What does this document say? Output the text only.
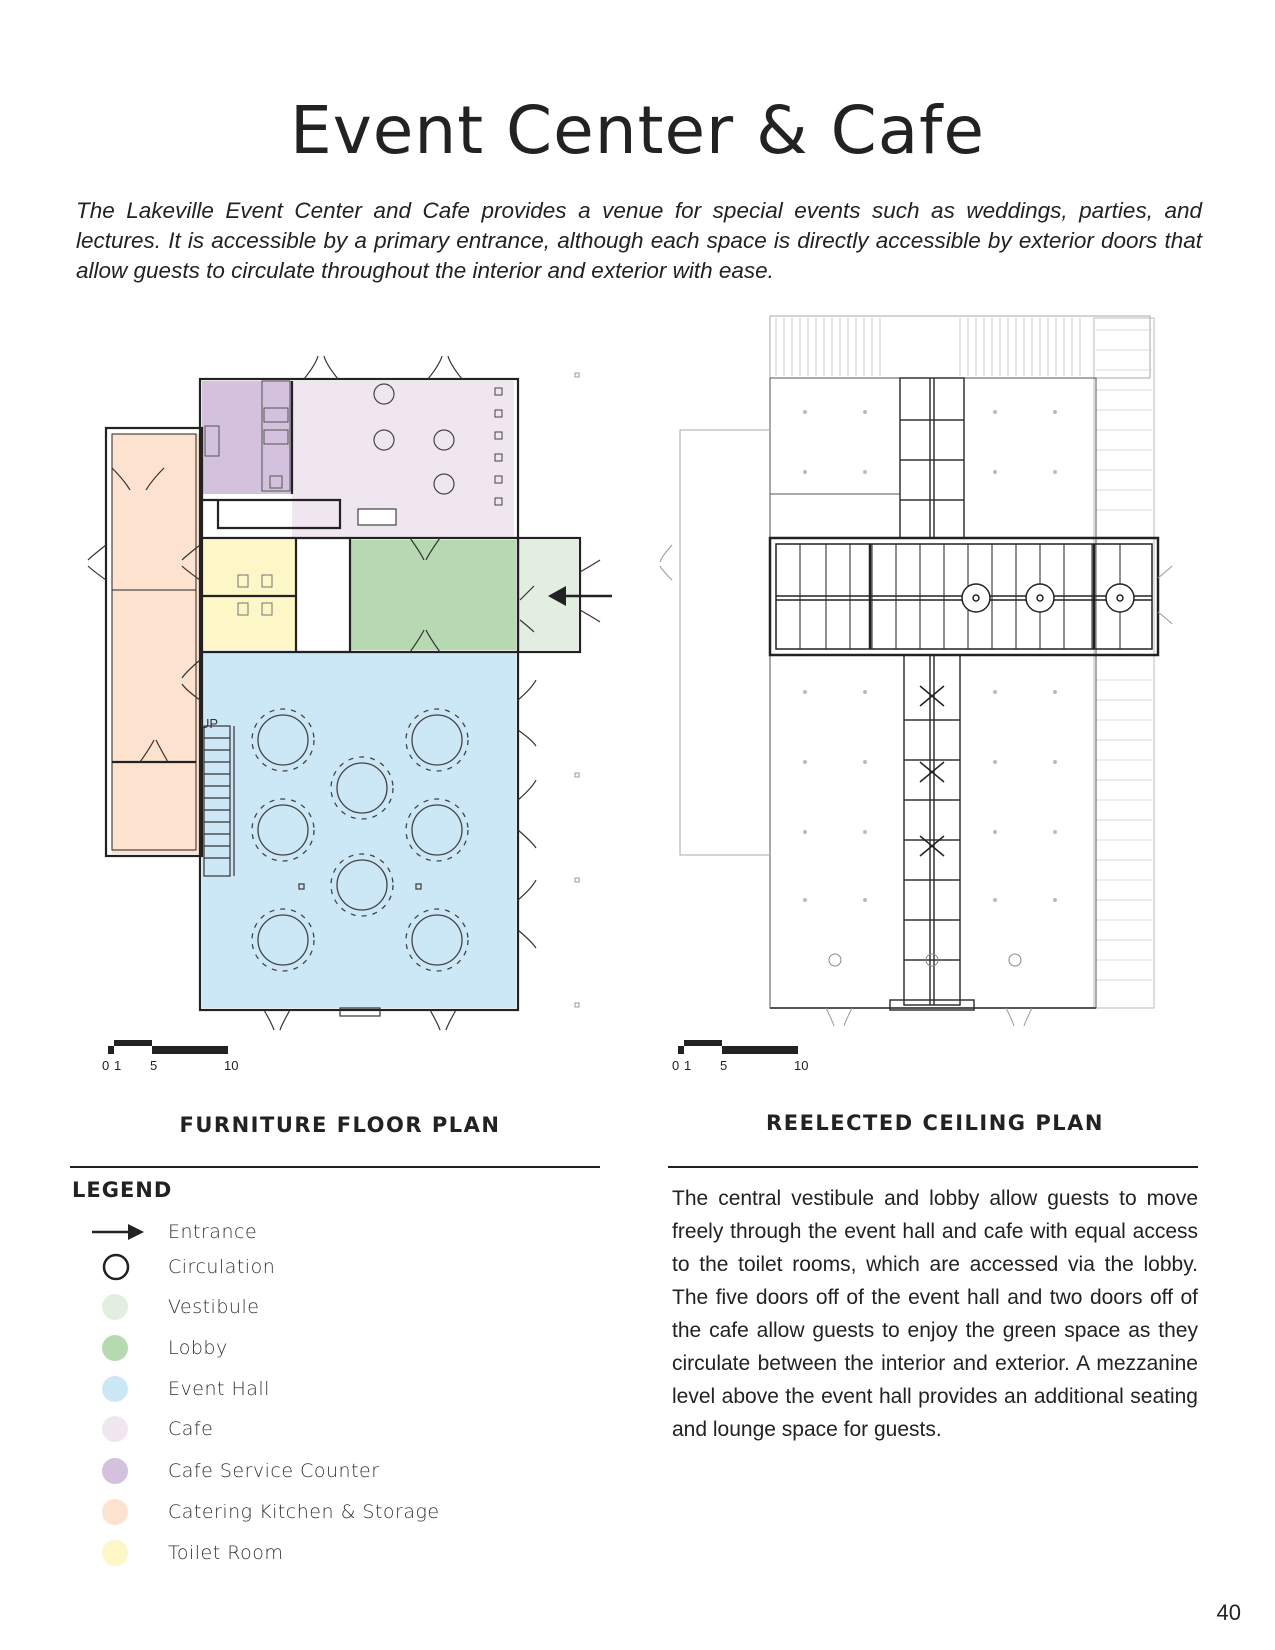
Event Center & Cafe

The Lakeville Event Center and Cafe provides a venue for special events such as weddings, parties, and lectures. It is accessible by a primary entrance, although each space is directly accessible by exterior doors that allow guests to circulate throughout the interior and exterior with ease.

UP
0 1 5	10	0 1 5	10
FURNITURE FLOOR PLAN	REELECTED CEILING PLAN
LEGEND
Entrance
Circulation
Vestibule
Lobby
Event Hall
Cafe
Cafe Service Counter
Catering Kitchen & Storage
Toilet Room

The central vestibule and lobby allow guests to move freely through the event hall and cafe with equal access to the toilet rooms, which are accessed via the lobby. The five doors off of the event hall and two doors off of the cafe allow guests to enjoy the green space as they circulate between the interior and exterior. A mezzanine level above the event hall provides an additional seating and lounge space for guests.

40
